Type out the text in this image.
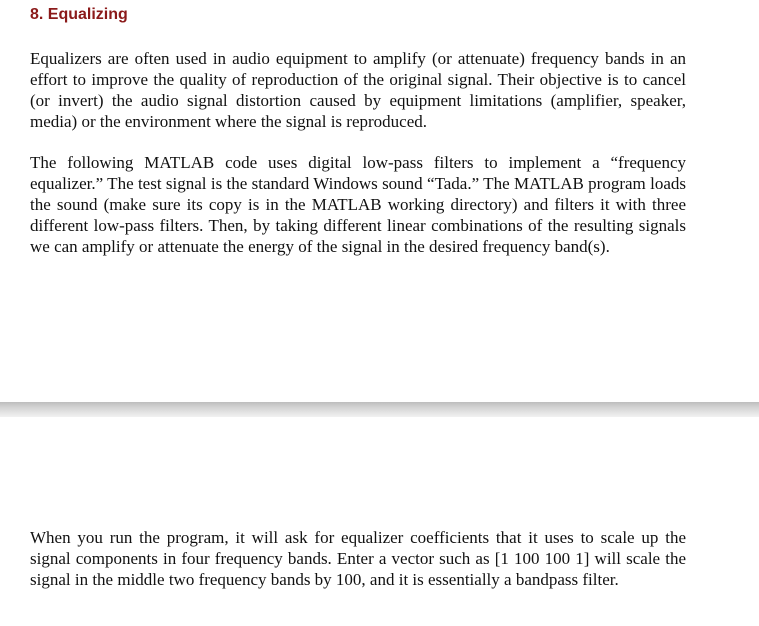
8. Equalizing

Equalizers are often used in audio equipment to amplify (or attenuate) frequency bands in an effort to improve the quality of reproduction of the original signal. Their objective is to cancel (or invert) the audio signal distortion caused by equipment limitations (amplifier, speaker, media) or the environment where the signal is reproduced.

The following MATLAB code uses digital low-pass filters to implement a “frequency equalizer.” The test signal is the standard Windows sound “Tada.” The MATLAB program loads the sound (make sure its copy is in the MATLAB working directory) and filters it with three different low-pass filters. Then, by taking different linear combinations of the resulting signals we can amplify or attenuate the energy of the signal in the desired frequency band(s).

When you run the program, it will ask for equalizer coefficients that it uses to scale up the signal components in four frequency bands. Enter a vector such as [1 100 100 1] will scale the signal in the middle two frequency bands by 100, and it is essentially a bandpass filter.
